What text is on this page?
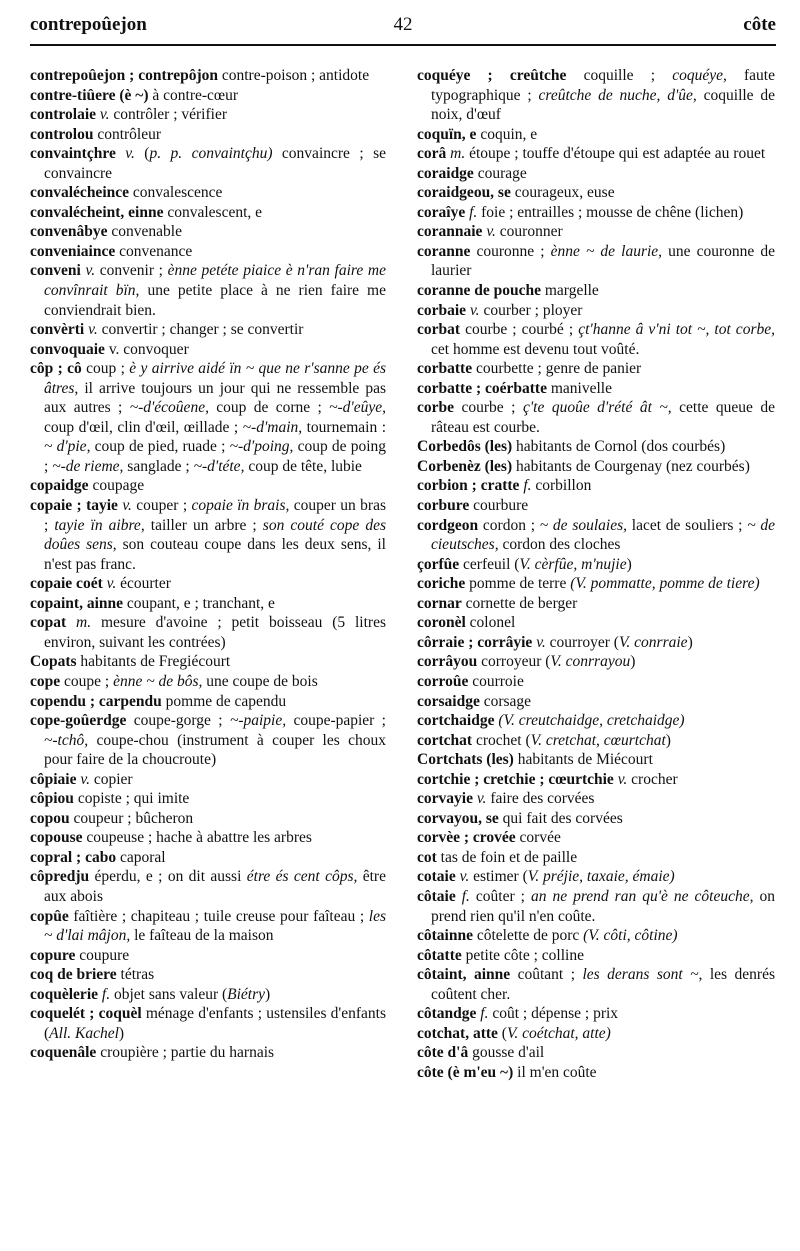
contrepoûejon	42	côte
contrepoûejon ; contrepôjon contre-poison ; antidote
contre-tiûere (è ~) à contre-cœur
controlaie v. contrôler ; vérifier
controlou contrôleur
convaintçhre v. (p. p. convaintçhu) convaincre ; se convaincre
convalécheince convalescence
convalécheint, einne convalescent, e
convenâbye convenable
conveniaince convenance
conveni v. convenir ; ènne petéte piaice è n'ran faire me convînrait bïn, une petite place à ne rien faire me conviendrait bien.
convèrti v. convertir ; changer ; se convertir
convoquaie v. convoquer
côp ; cô coup ; è y airrive aidé ïn ~ que ne r'sanne pe és âtres, il arrive toujours un jour qui ne ressemble pas aux autres ; ~-d'écoûene, coup de corne ; ~-d'eûye, coup d'œil, clin d'œil, œillade ; ~-d'main, tournemain : ~ d'pie, coup de pied, ruade ; ~-d'poing, coup de poing ; ~-de rieme, sanglade ; ~-d'téte, coup de tête, lubie
copaidge coupage
copaie ; tayie v. couper ; copaie ïn brais, couper un bras ; tayie ïn aibre, tailler un arbre ; son couté cope des doûes sens, son couteau coupe dans les deux sens, il n'est pas franc.
copaie coét v. écourter
copaint, ainne coupant, e ; tranchant, e
copat m. mesure d'avoine ; petit boisseau (5 litres environ, suivant les contrées)
Copats habitants de Fregiécourt
cope coupe ; ènne ~ de bôs, une coupe de bois
copendu ; carpendu pomme de capendu
cope-goûerdge coupe-gorge ; ~-paipie, coupe-papier ; ~-tchô, coupe-chou (instrument à couper les choux pour faire de la choucroute)
côpiaie v. copier
côpiou copiste ; qui imite
copou coupeur ; bûcheron
copouse coupeuse ; hache à abattre les arbres
copral ; cabo caporal
côpredju éperdu, e ; on dit aussi étre és cent côps, être aux abois
copûe faîtière ; chapiteau ; tuile creuse pour faîteau ; les ~ d'lai mâjon, le faîteau de la maison
copure coupure
coq de briere tétras
coquèlerie f. objet sans valeur (Biétry)
coquelét ; coquèl ménage d'enfants ; ustensiles d'enfants (All. Kachel)
coquenâle croupière ; partie du harnais
coquéye ; creûtche coquille ; coquéye, faute typographique ; creûtche de nuche, d'ûe, coquille de noix, d'œuf
coquïn, e coquin, e
corâ m. étoupe ; touffe d'étoupe qui est adaptée au rouet
coraidge courage
coraidgeou, se courageux, euse
coraîye f. foie ; entrailles ; mousse de chêne (lichen)
corannaie v. couronner
coranne couronne ; ènne ~ de laurie, une couronne de laurier
coranne de pouche margelle
corbaie v. courber ; ployer
corbat courbe ; courbé ; çt'hanne â v'ni tot ~, tot corbe, cet homme est devenu tout voûté.
corbatte courbette ; genre de panier
corbatte ; coérbatte manivelle
corbe courbe ; ç'te quoûe d'rété ât ~, cette queue de râteau est courbe.
Corbedôs (les) habitants de Cornol (dos courbés)
Corbenèz (les) habitants de Courgenay (nez courbés)
corbion ; cratte f. corbillon
corbure courbure
cordgeon cordon ; ~ de soulaies, lacet de souliers ; ~ de cieutsches, cordon des cloches
çorfûe cerfeuil (V. cèrfûe, m'nujie)
coriche pomme de terre (V. pommatte, pomme de tiere)
cornar cornette de berger
coronèl colonel
côrraie ; corrâyie v. courroyer (V. conrraie)
corrâyou corroyeur (V. conrrayou)
corroûe courroie
corsaidge corsage
cortchaidge (V. creutchaidge, cretchaidge)
cortchat crochet (V. cretchat, cœurtchat)
Cortchats (les) habitants de Miécourt
cortchie ; cretchie ; cœurtchie v. crocher
corvayie v. faire des corvées
corvayou, se qui fait des corvées
corvèe ; crovée corvée
cot tas de foin et de paille
cotaie v. estimer (V. préjie, taxaie, émaie)
côtaie f. coûter ; an ne prend ran qu'è ne côteuche, on prend rien qu'il n'en coûte.
côtainne côtelette de porc (V. côti, côtine)
côtatte petite côte ; colline
côtaint, ainne coûtant ; les derans sont ~, les denrés coûtent cher.
côtandge f. coût ; dépense ; prix
cotchat, atte (V. coétchat, atte)
côte d'â gousse d'ail
côte (è m'eu ~) il m'en coûte
